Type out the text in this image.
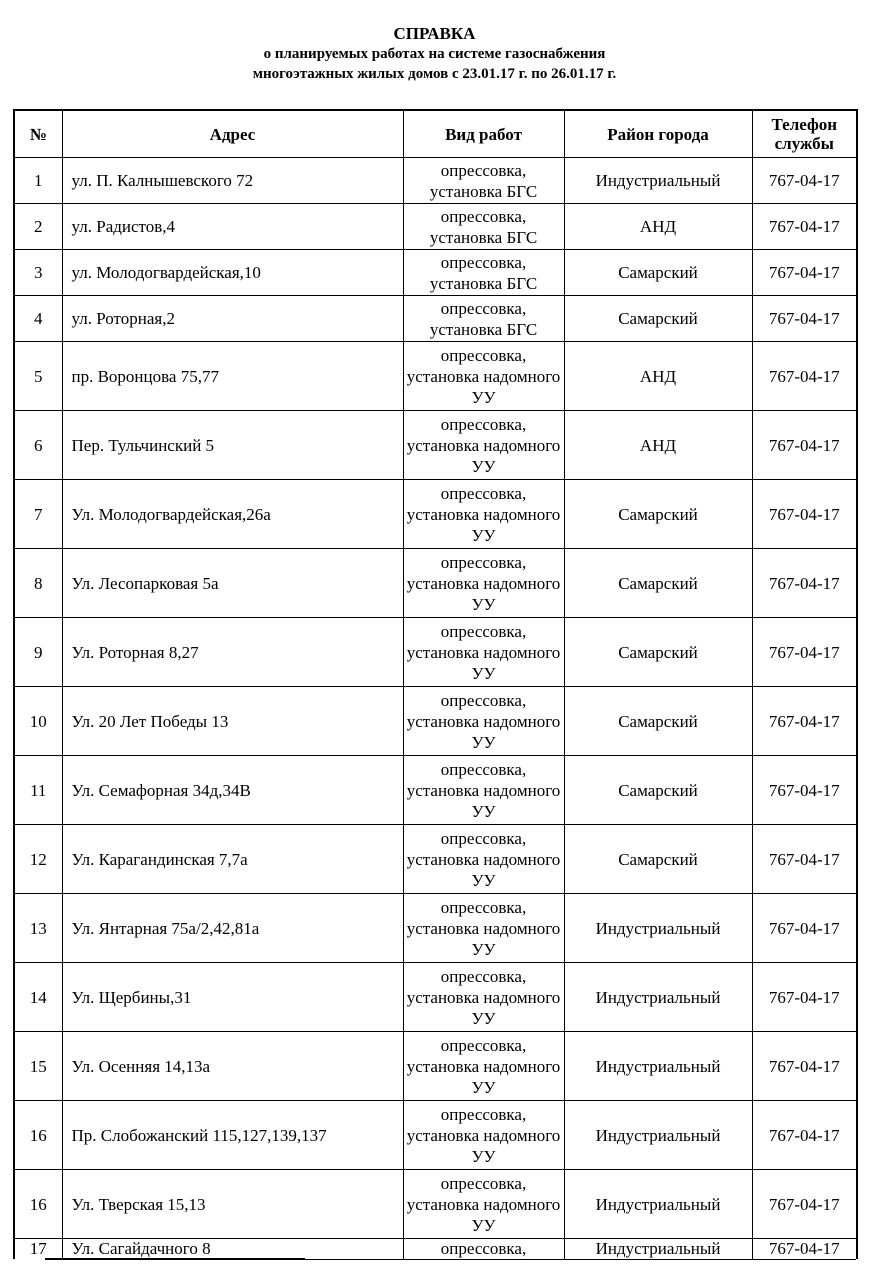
СПРАВКА
о планируемых работах на системе газоснабжения
многоэтажных жилых домов с 23.01.17 г. по 26.01.17 г.
№	Адрес	Вид работ	Район города	Телефон службы
1	ул. П. Калнышевского 72	опрессовка, установка БГС	Индустриальный	767-04-17
2	ул. Радистов,4	опрессовка, установка БГС	АНД	767-04-17
3	ул. Молодогвардейская,10	опрессовка, установка БГС	Самарский	767-04-17
4	ул. Роторная,2	опрессовка, установка БГС	Самарский	767-04-17
5	пр. Воронцова 75,77	опрессовка, установка надомного УУ	АНД	767-04-17
6	Пер. Тульчинский 5	опрессовка, установка надомного УУ	АНД	767-04-17
7	Ул. Молодогвардейская,26а	опрессовка, установка надомного УУ	Самарский	767-04-17
8	Ул. Лесопарковая 5а	опрессовка, установка надомного УУ	Самарский	767-04-17
9	Ул. Роторная 8,27	опрессовка, установка надомного УУ	Самарский	767-04-17
10	Ул. 20 Лет Победы 13	опрессовка, установка надомного УУ	Самарский	767-04-17
11	Ул. Семафорная 34д,34В	опрессовка, установка надомного УУ	Самарский	767-04-17
12	Ул. Карагандинская 7,7а	опрессовка, установка надомного УУ	Самарский	767-04-17
13	Ул. Янтарная 75а/2,42,81а	опрессовка, установка надомного УУ	Индустриальный	767-04-17
14	Ул. Щербины,31	опрессовка, установка надомного УУ	Индустриальный	767-04-17
15	Ул. Осенняя 14,13а	опрессовка, установка надомного УУ	Индустриальный	767-04-17
16	Пр. Слобожанский 115,127,139,137	опрессовка, установка надомного УУ	Индустриальный	767-04-17
16	Ул. Тверская 15,13	опрессовка, установка надомного УУ	Индустриальный	767-04-17
17	Ул. Сагайдачного 8	опрессовка,	Индустриальный	767-04-17
